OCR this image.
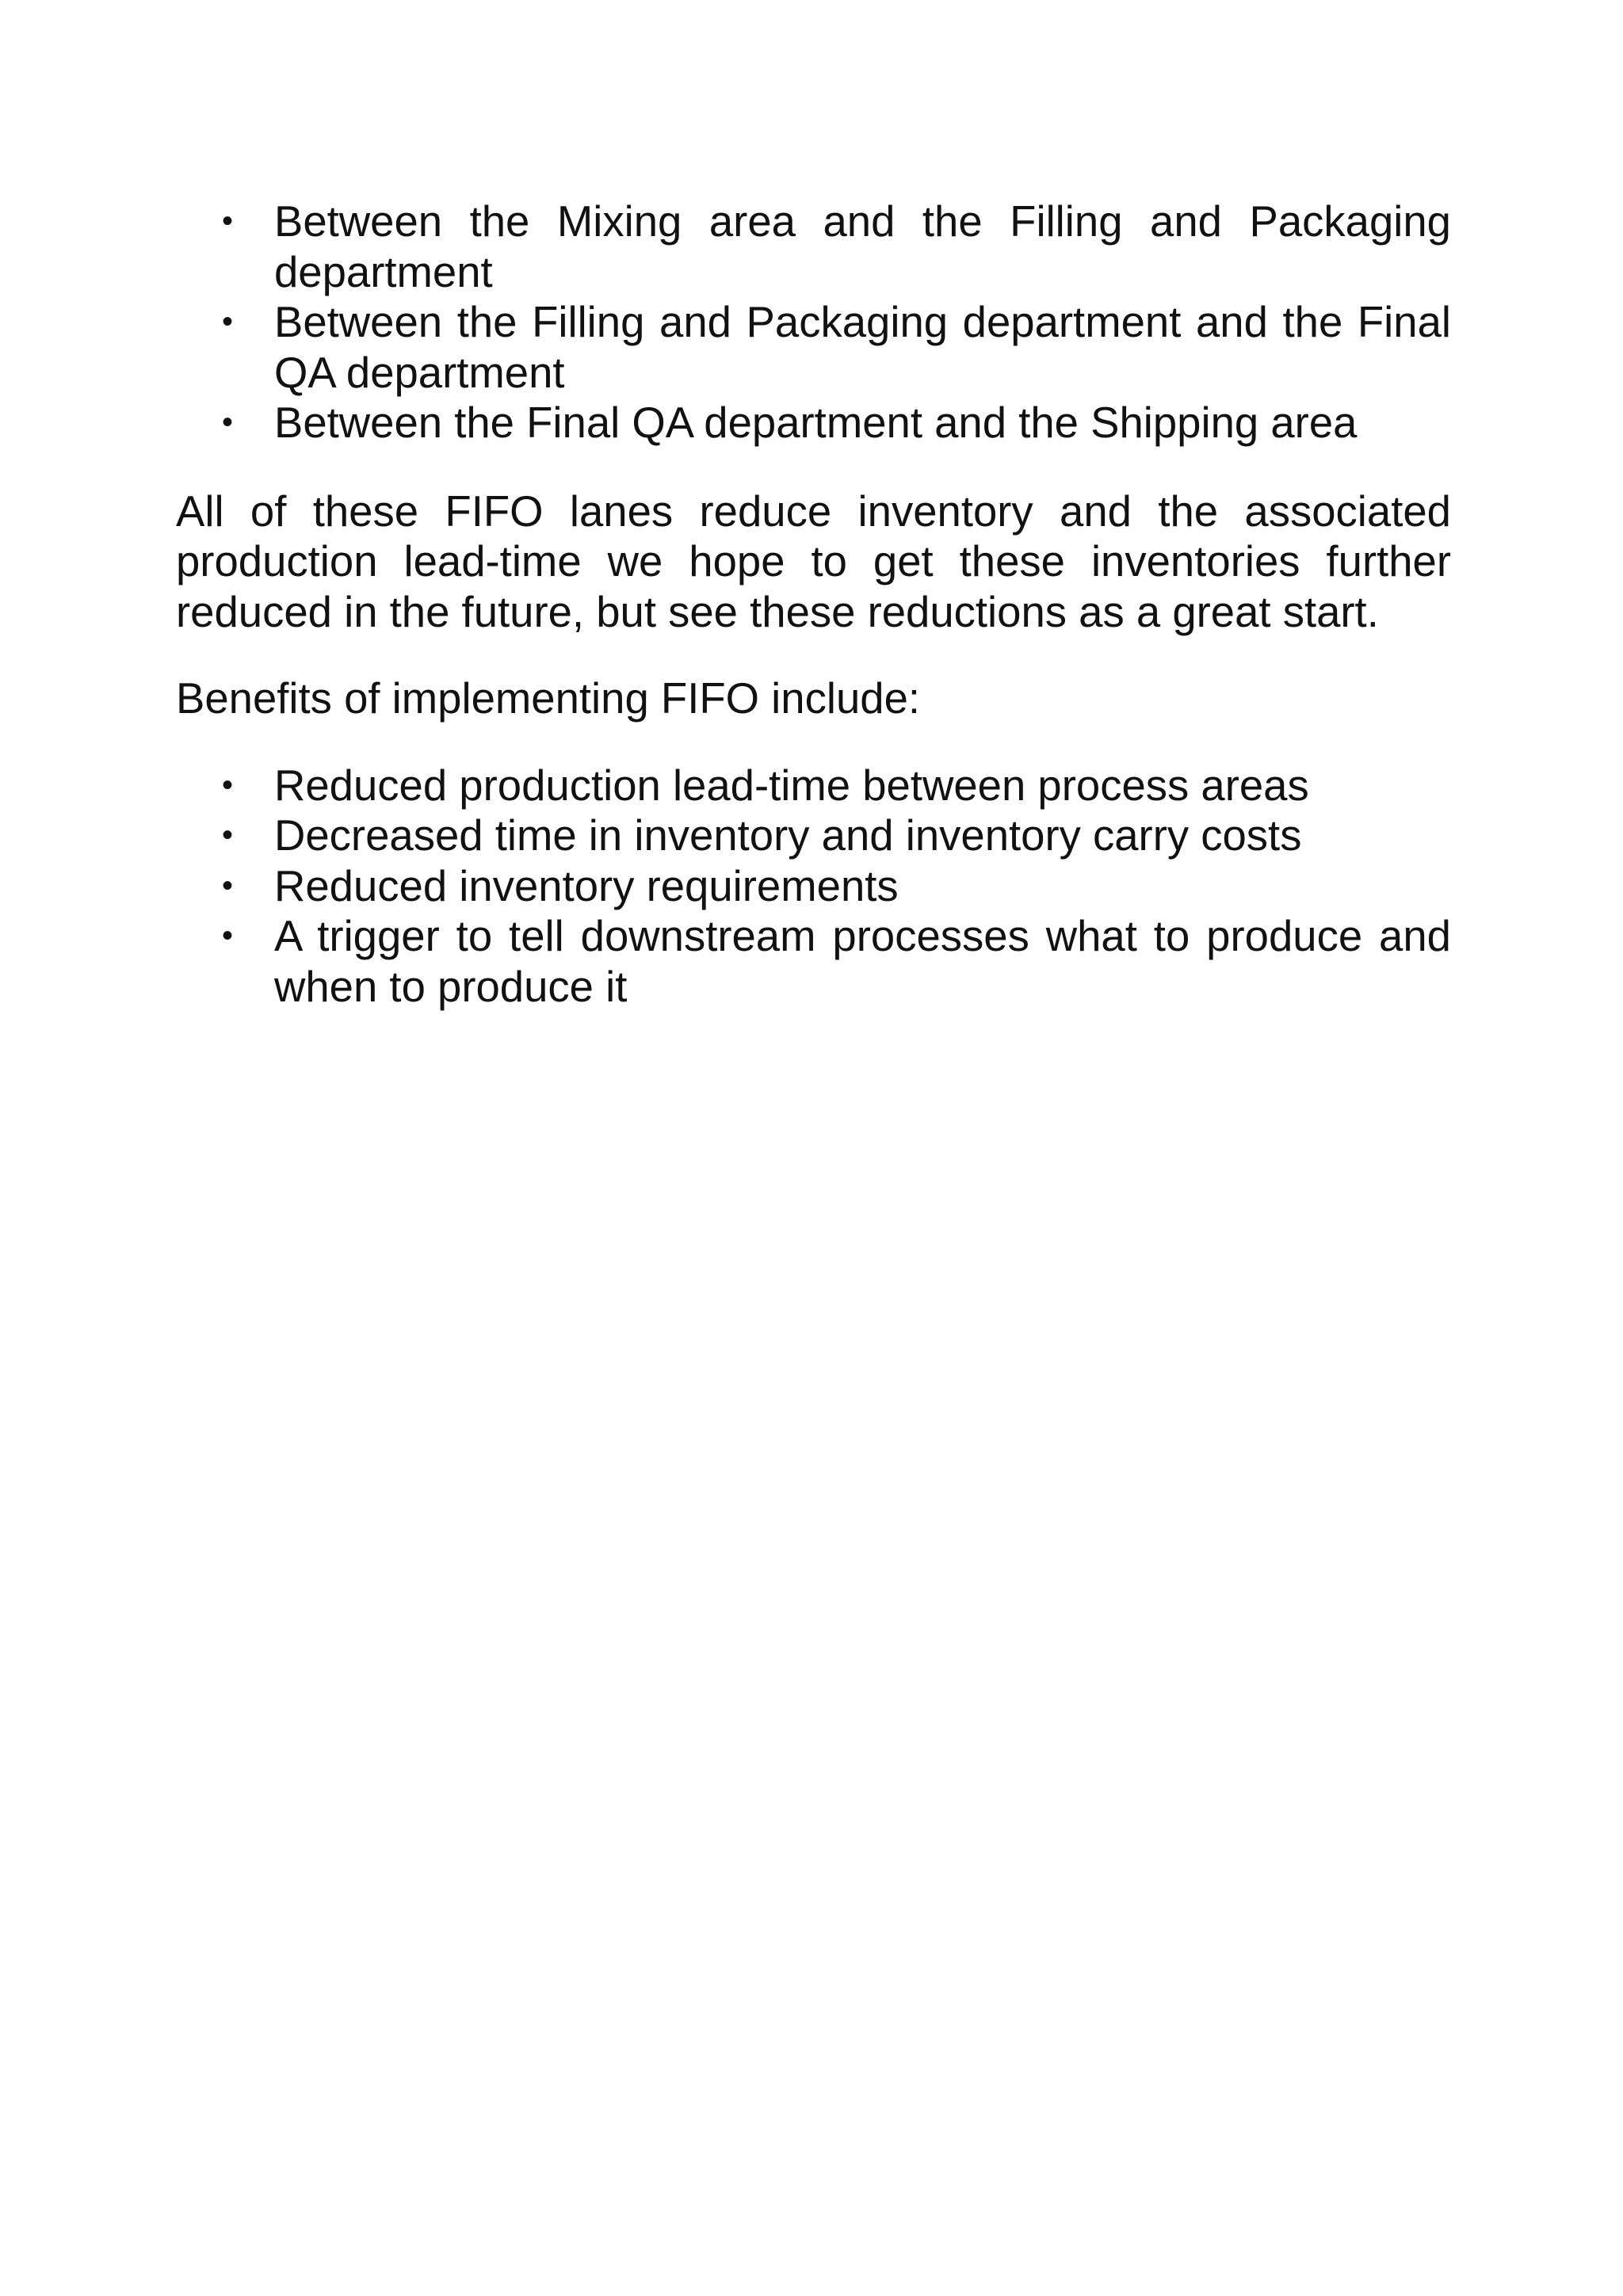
• Between the Mixing area and the Filling and Packaging department
• Between the Filling and Packaging department and the Final QA department
• Between the Final QA department and the Shipping area

All of these FIFO lanes reduce inventory and the associated production lead-time we hope to get these inventories further reduced in the future, but see these reductions as a great start.

Benefits of implementing FIFO include:

• Reduced production lead-time between process areas
• Decreased time in inventory and inventory carry costs
• Reduced inventory requirements
• A trigger to tell downstream processes what to produce and when to produce it
